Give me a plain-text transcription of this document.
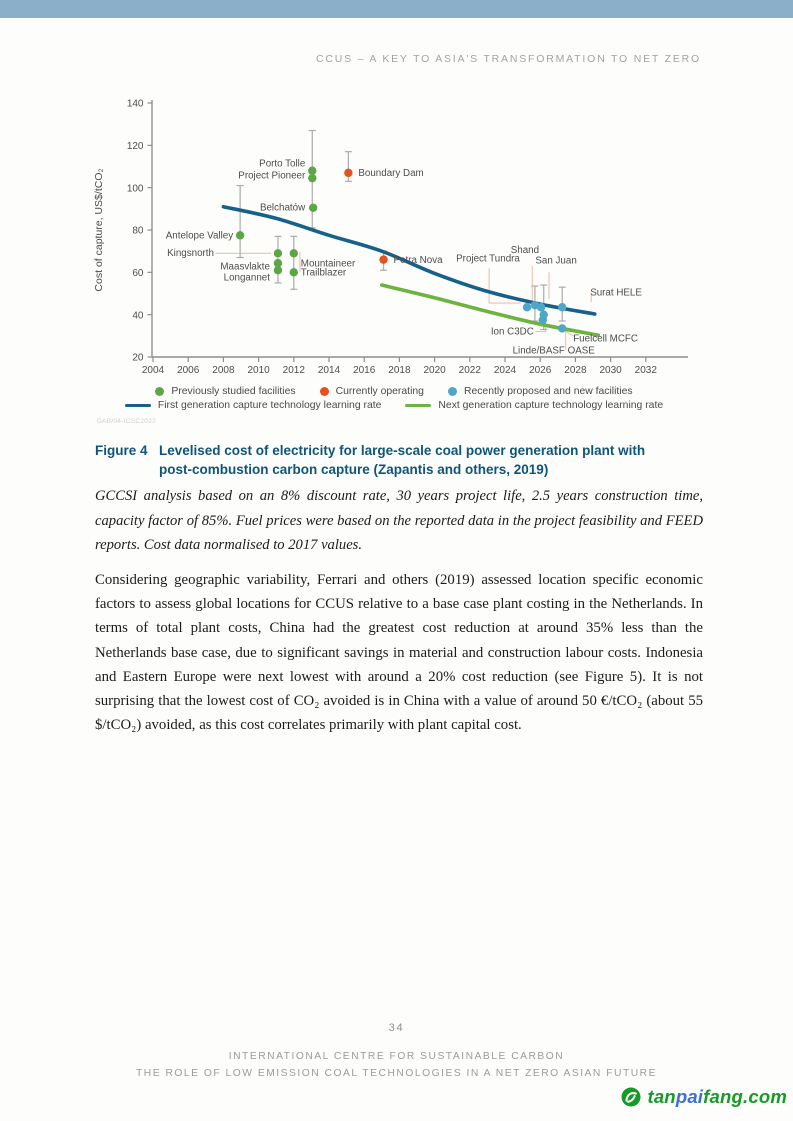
CCUS – A KEY TO ASIA'S TRANSFORMATION TO NET ZERO
20
40
60
80
100
120
140
2004 2006 2008 2010 2012 2014 2016 2018 2020 2022 2024 2026 2028 2030 2032
Cost of capture, US$/tCO₂	Antelope Valley
Kingsnorth
Maasvlakte
Longannet
Mountaineer
Trailblazer
Porto Tolle
Project Pioneer
Belchatów
Boundary Dam
Petra Nova Project Tundra
Shand
San Juan
Linde/BASF OASE
Ion C3DC
Surat HELE
Fuelcell MCFC
Previously studied facilities	Currently operating	Recently proposed and new facilities
First generation capture technology learning rate	Next generation capture technology learning rate
DAB/04-ICSC2022
Figure 4 Levelised cost of electricity for large-scale coal power generation plant with post-combustion carbon capture (Zapantis and others, 2019)

GCCSI analysis based on an 8% discount rate, 30 years project life, 2.5 years construction time, capacity factor of 85%. Fuel prices were based on the reported data in the project feasibility and FEED reports. Cost data normalised to 2017 values.

Considering geographic variability, Ferrari and others (2019) assessed location specific economic factors to assess global locations for CCUS relative to a base case plant costing in the Netherlands. In terms of total plant costs, China had the greatest cost reduction at around 35% less than the Netherlands base case, due to significant savings in material and construction labour costs. Indonesia and Eastern Europe were next lowest with around a 20% cost reduction (see Figure 5). It is not surprising that the lowest cost of CO₂ avoided is in China with a value of around 50 €/tCO₂ (about 55 $/tCO₂) avoided, as this cost correlates primarily with plant capital cost.

34
INTERNATIONAL CENTRE FOR SUSTAINABLE CARBON
THE ROLE OF LOW EMISSION COAL TECHNOLOGIES IN A NET ZERO ASIAN FUTURE
tanpaifang.com
